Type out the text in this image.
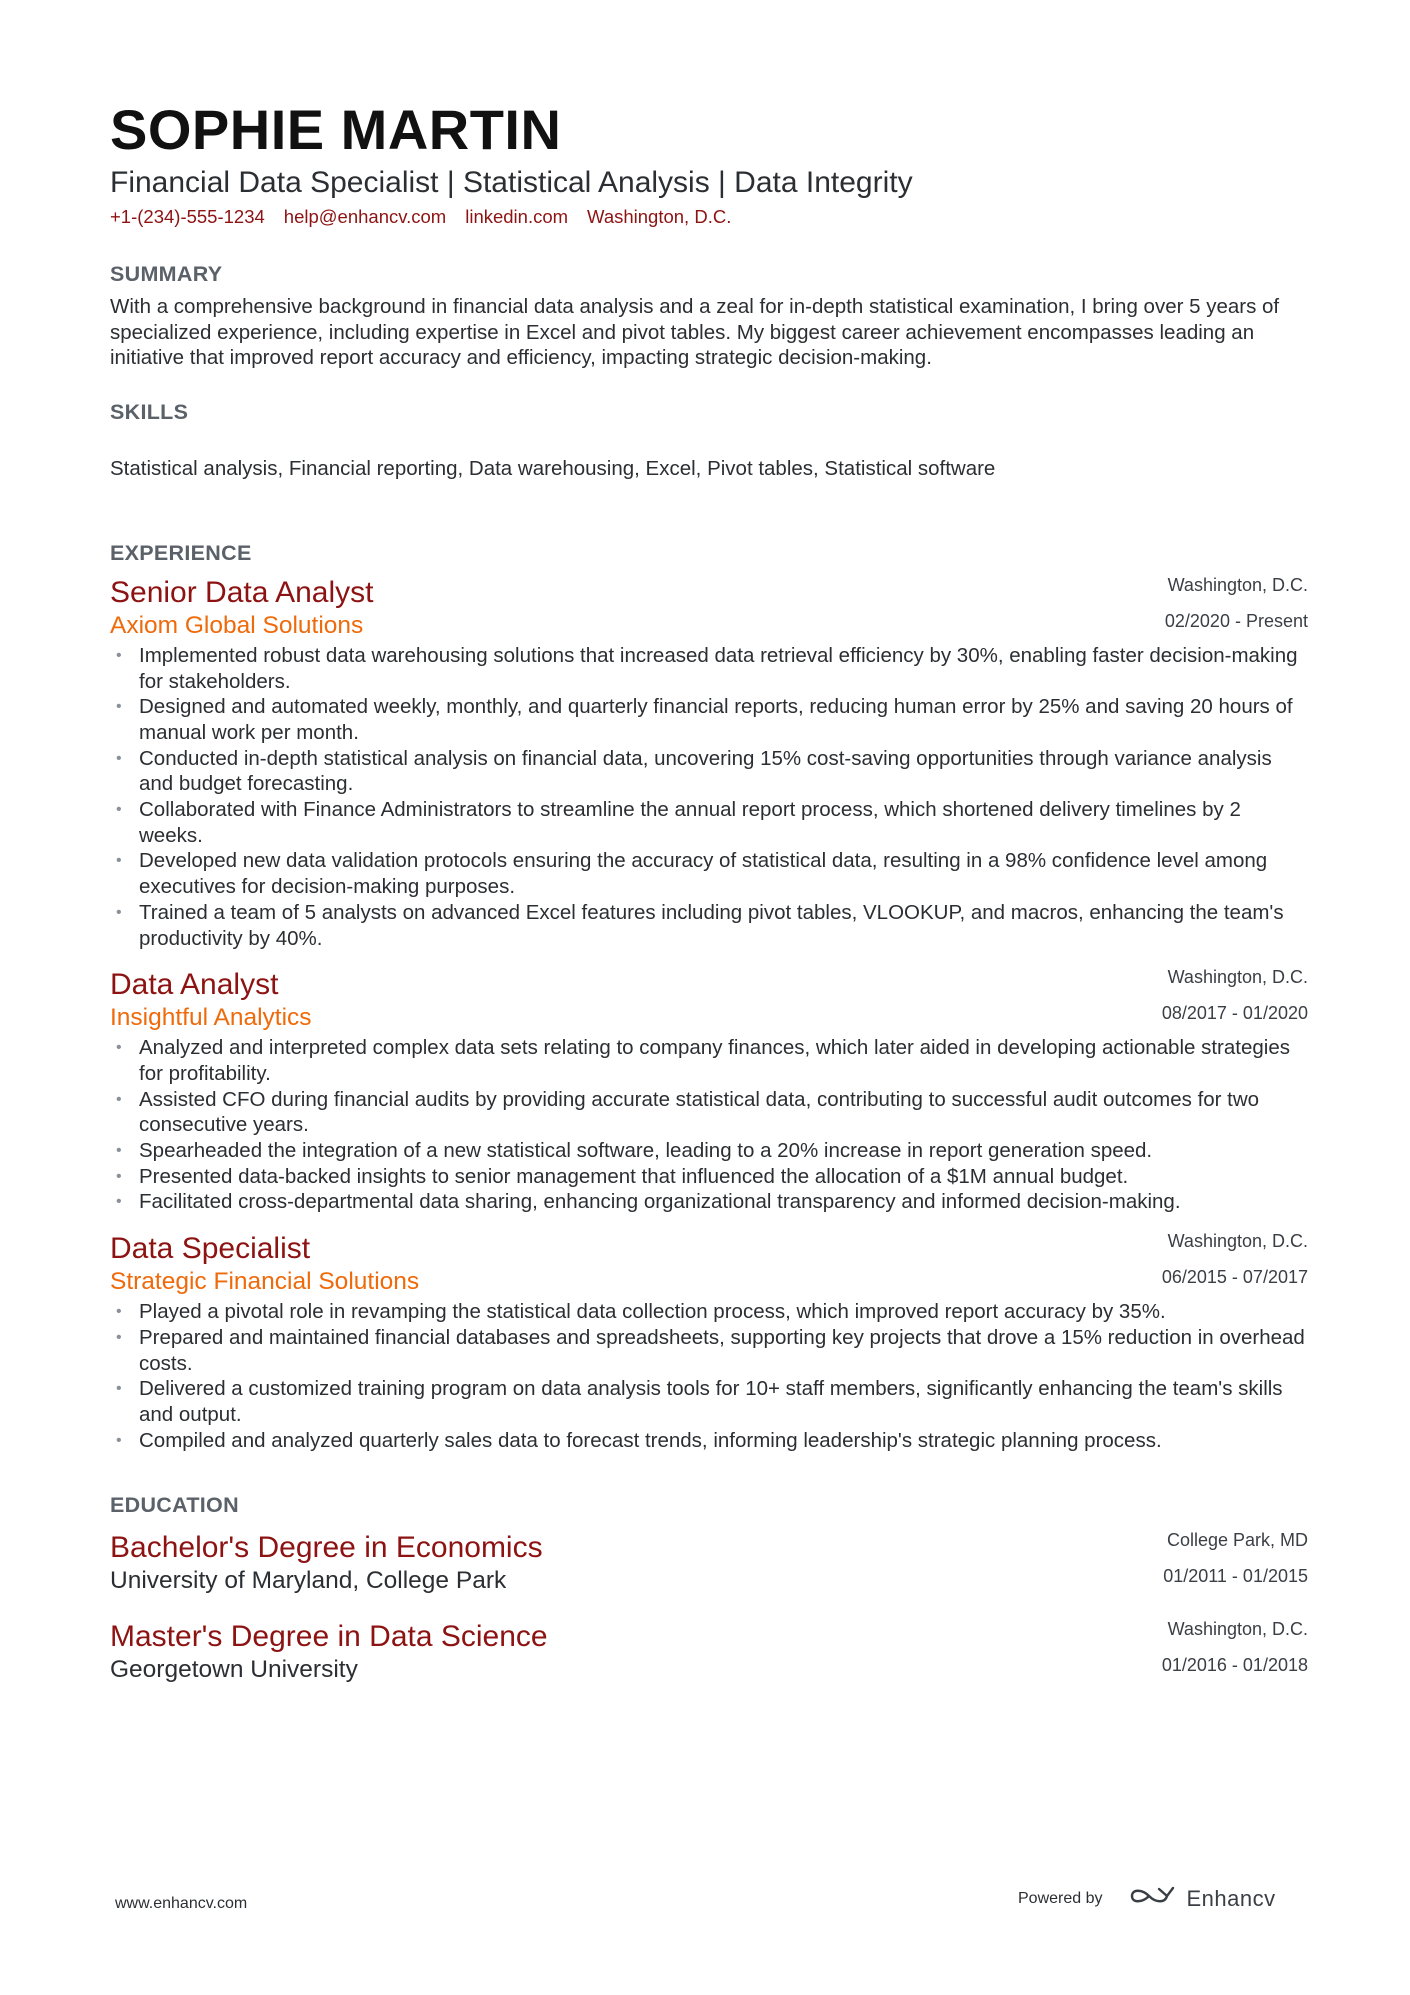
SOPHIE MARTIN
Financial Data Specialist | Statistical Analysis | Data Integrity
+1-(234)-555-1234 help@enhancv.com linkedin.com Washington, D.C.
SUMMARY
With a comprehensive background in financial data analysis and a zeal for in-depth statistical examination, I bring over 5 years of specialized experience, including expertise in Excel and pivot tables. My biggest career achievement encompasses leading an initiative that improved report accuracy and efficiency, impacting strategic decision-making.
SKILLS
Statistical analysis, Financial reporting, Data warehousing, Excel, Pivot tables, Statistical software
EXPERIENCE
Washington, D.C.
02/2020 - Present
Senior Data Analyst
Axiom Global Solutions
• Implemented robust data warehousing solutions that increased data retrieval efficiency by 30%, enabling faster decision-making for stakeholders.
• Designed and automated weekly, monthly, and quarterly financial reports, reducing human error by 25% and saving 20 hours of manual work per month.
• Conducted in-depth statistical analysis on financial data, uncovering 15% cost-saving opportunities through variance analysis and budget forecasting.
• Collaborated with Finance Administrators to streamline the annual report process, which shortened delivery timelines by 2 weeks.
• Developed new data validation protocols ensuring the accuracy of statistical data, resulting in a 98% confidence level among executives for decision-making purposes.
• Trained a team of 5 analysts on advanced Excel features including pivot tables, VLOOKUP, and macros, enhancing the team's productivity by 40%.
Washington, D.C.
08/2017 - 01/2020
Data Analyst
Insightful Analytics
• Analyzed and interpreted complex data sets relating to company finances, which later aided in developing actionable strategies for profitability.
• Assisted CFO during financial audits by providing accurate statistical data, contributing to successful audit outcomes for two consecutive years.
• Spearheaded the integration of a new statistical software, leading to a 20% increase in report generation speed.
• Presented data-backed insights to senior management that influenced the allocation of a $1M annual budget.
• Facilitated cross-departmental data sharing, enhancing organizational transparency and informed decision-making.
Washington, D.C.
06/2015 - 07/2017
Data Specialist
Strategic Financial Solutions
• Played a pivotal role in revamping the statistical data collection process, which improved report accuracy by 35%.
• Prepared and maintained financial databases and spreadsheets, supporting key projects that drove a 15% reduction in overhead costs.
• Delivered a customized training program on data analysis tools for 10+ staff members, significantly enhancing the team's skills and output.
• Compiled and analyzed quarterly sales data to forecast trends, informing leadership's strategic planning process.
EDUCATION
College Park, MD
01/2011 - 01/2015
Bachelor's Degree in Economics
University of Maryland, College Park
Washington, D.C.
01/2016 - 01/2018
Master's Degree in Data Science
Georgetown University
www.enhancv.com	Powered by	Enhancv
